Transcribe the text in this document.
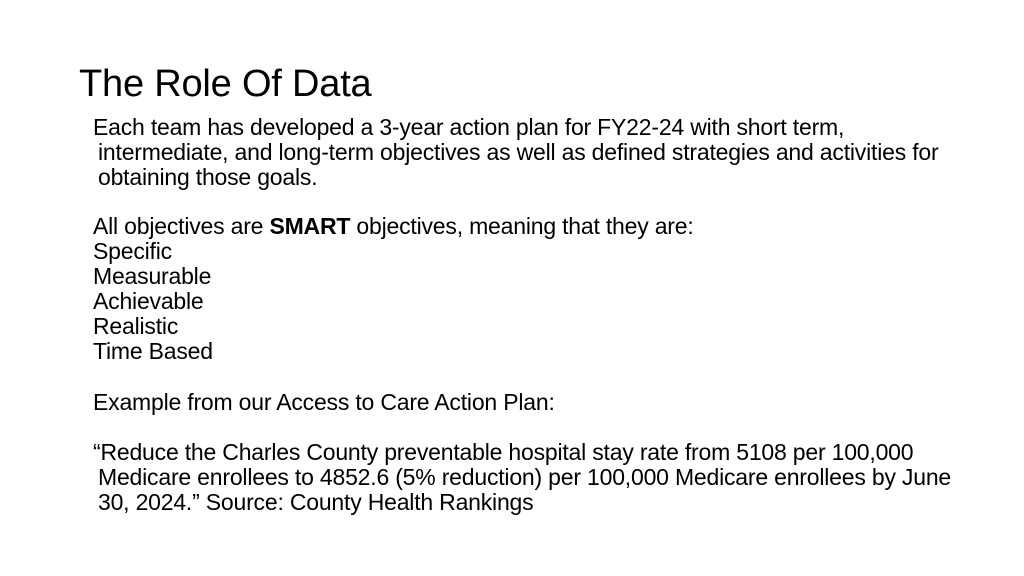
The Role Of Data

Each team has developed a 3-year action plan for FY22-24 with short term, intermediate, and long-term objectives as well as defined strategies and activities for obtaining those goals.

All objectives are SMART objectives, meaning that they are:
Specific
Measurable
Achievable
Realistic
Time Based

Example from our Access to Care Action Plan:

“Reduce the Charles County preventable hospital stay rate from 5108 per 100,000 Medicare enrollees to 4852.6 (5% reduction) per 100,000 Medicare enrollees by June 30, 2024.” Source: County Health Rankings
